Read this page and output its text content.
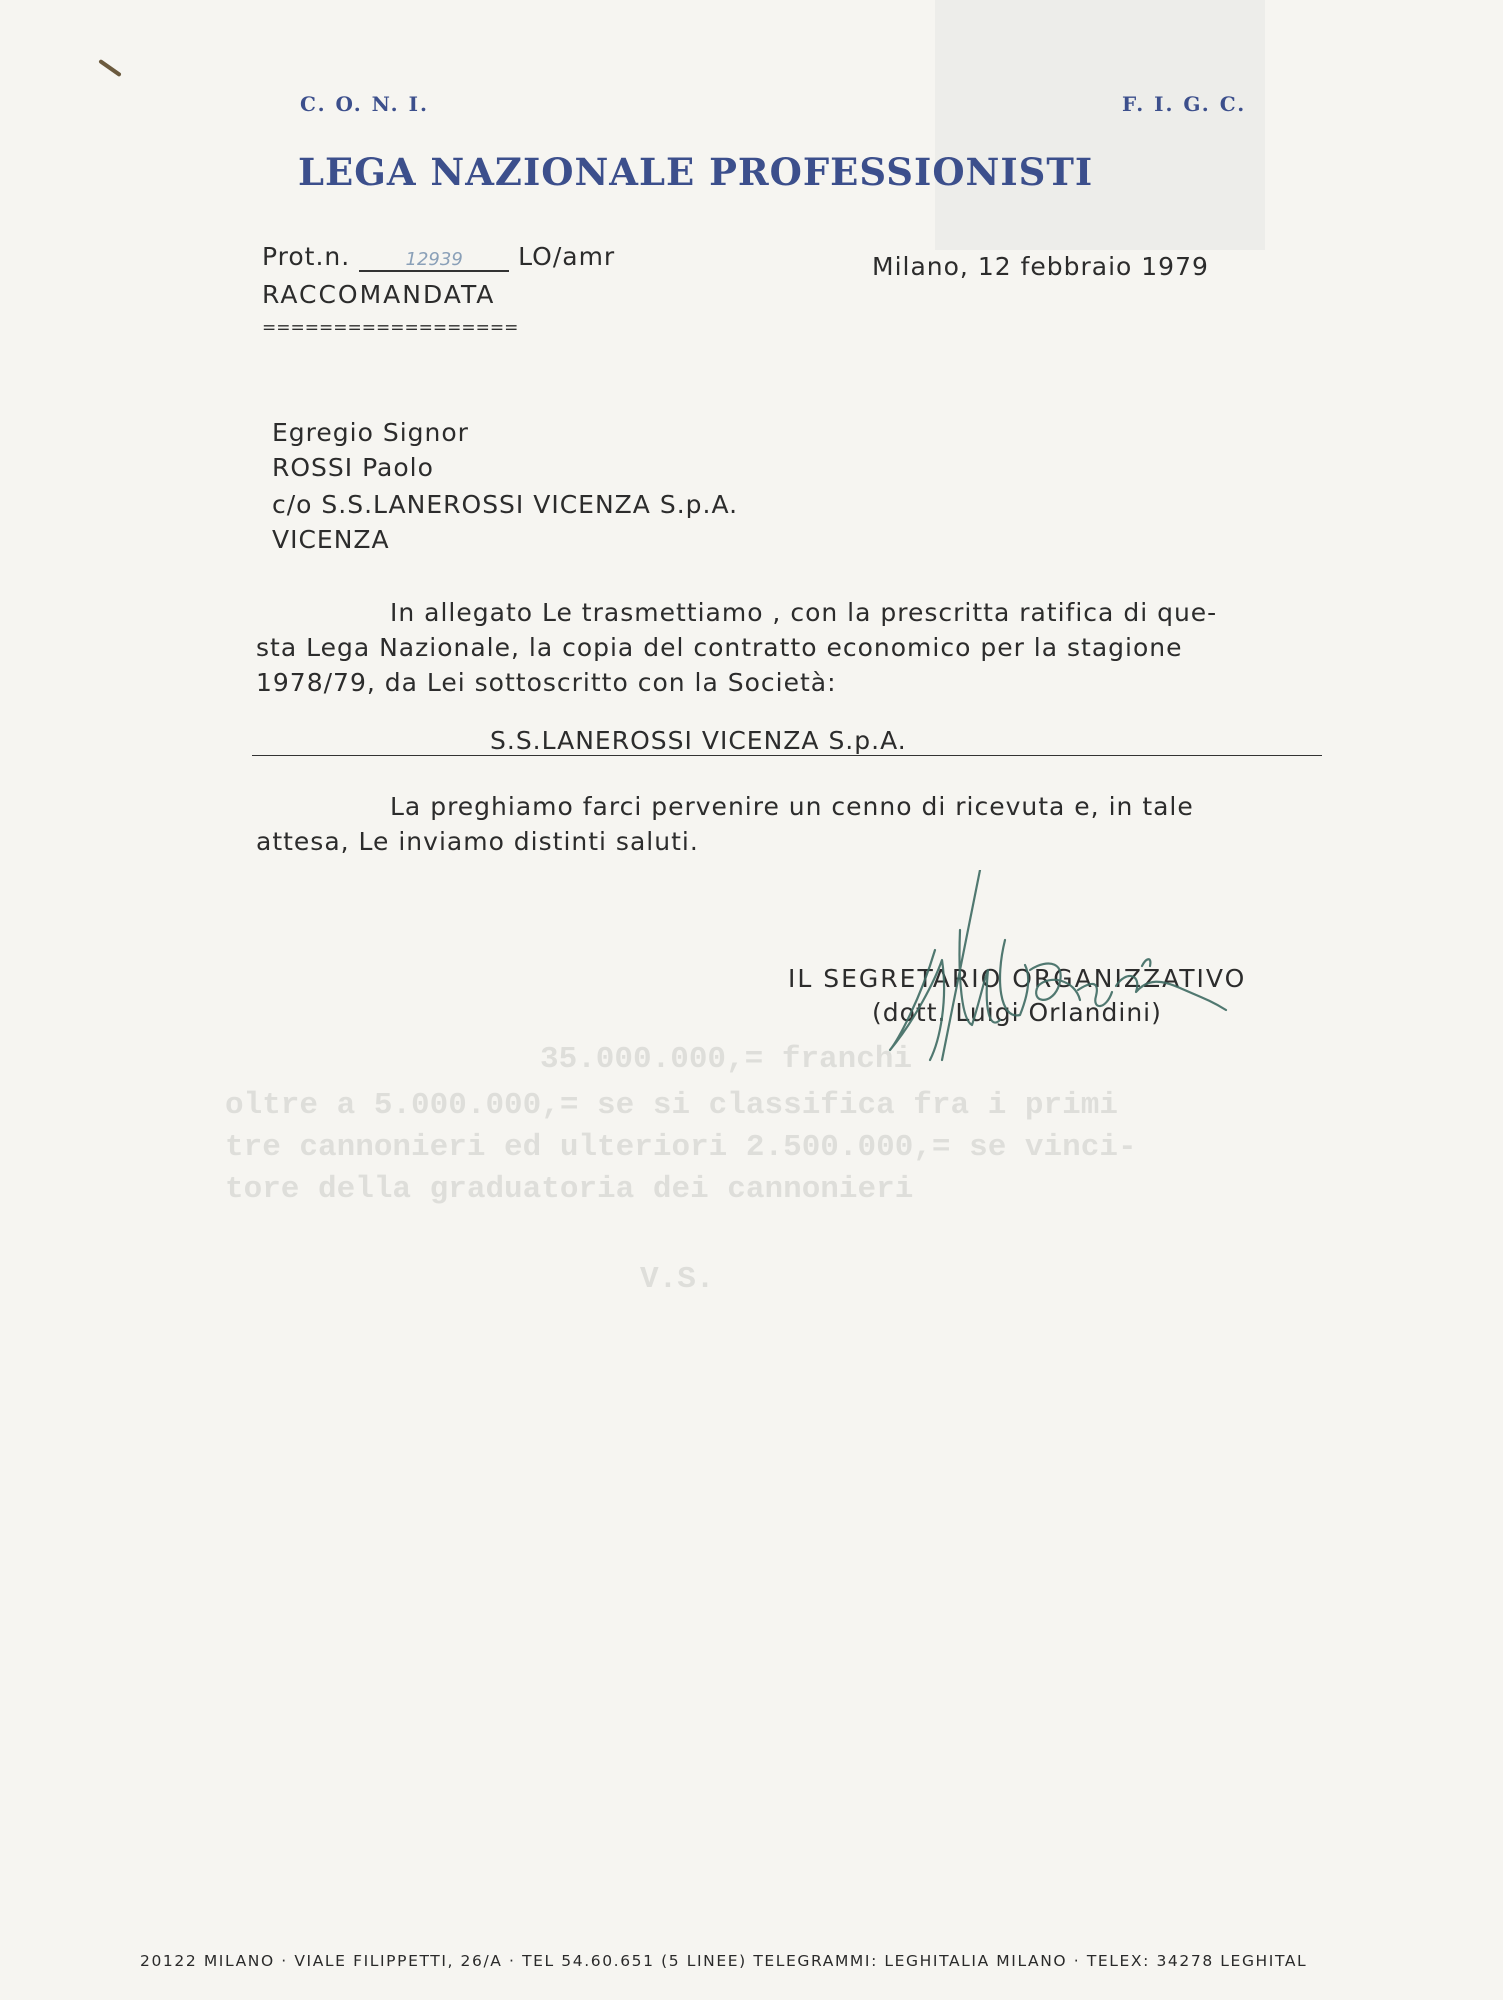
35.000.000,= franchi
oltre a 5.000.000,= se si classifica fra i primi
tre cannonieri ed ulteriori 2.500.000,= se vinci-
tore della graduatoria dei cannonieri
V.S.
C. O. N. I.	F. I. G. C.
LEGA NAZIONALE PROFESSIONISTI
Prot.n.	12939 LO/amr
RACCOMANDATA
==================
Milano, 12 febbraio 1979
Egregio Signor
ROSSI Paolo
c/o S.S.LANEROSSI VICENZA S.p.A.
VICENZA
In allegato Le trasmettiamo , con la prescritta ratifica di que-
sta Lega Nazionale, la copia del contratto economico per la stagione
1978/79, da Lei sottoscritto con la Società:
S.S.LANEROSSI VICENZA S.p.A.
La preghiamo farci pervenire un cenno di ricevuta e, in tale
attesa, Le inviamo distinti saluti.
IL SEGRETARIO ORGANIZZATIVO
(dott. Luigi Orlandini)
20122 MILANO · VIALE FILIPPETTI, 26/A · TEL 54.60.651 (5 LINEE) TELEGRAMMI: LEGHITALIA MILANO · TELEX: 34278 LEGHITAL
